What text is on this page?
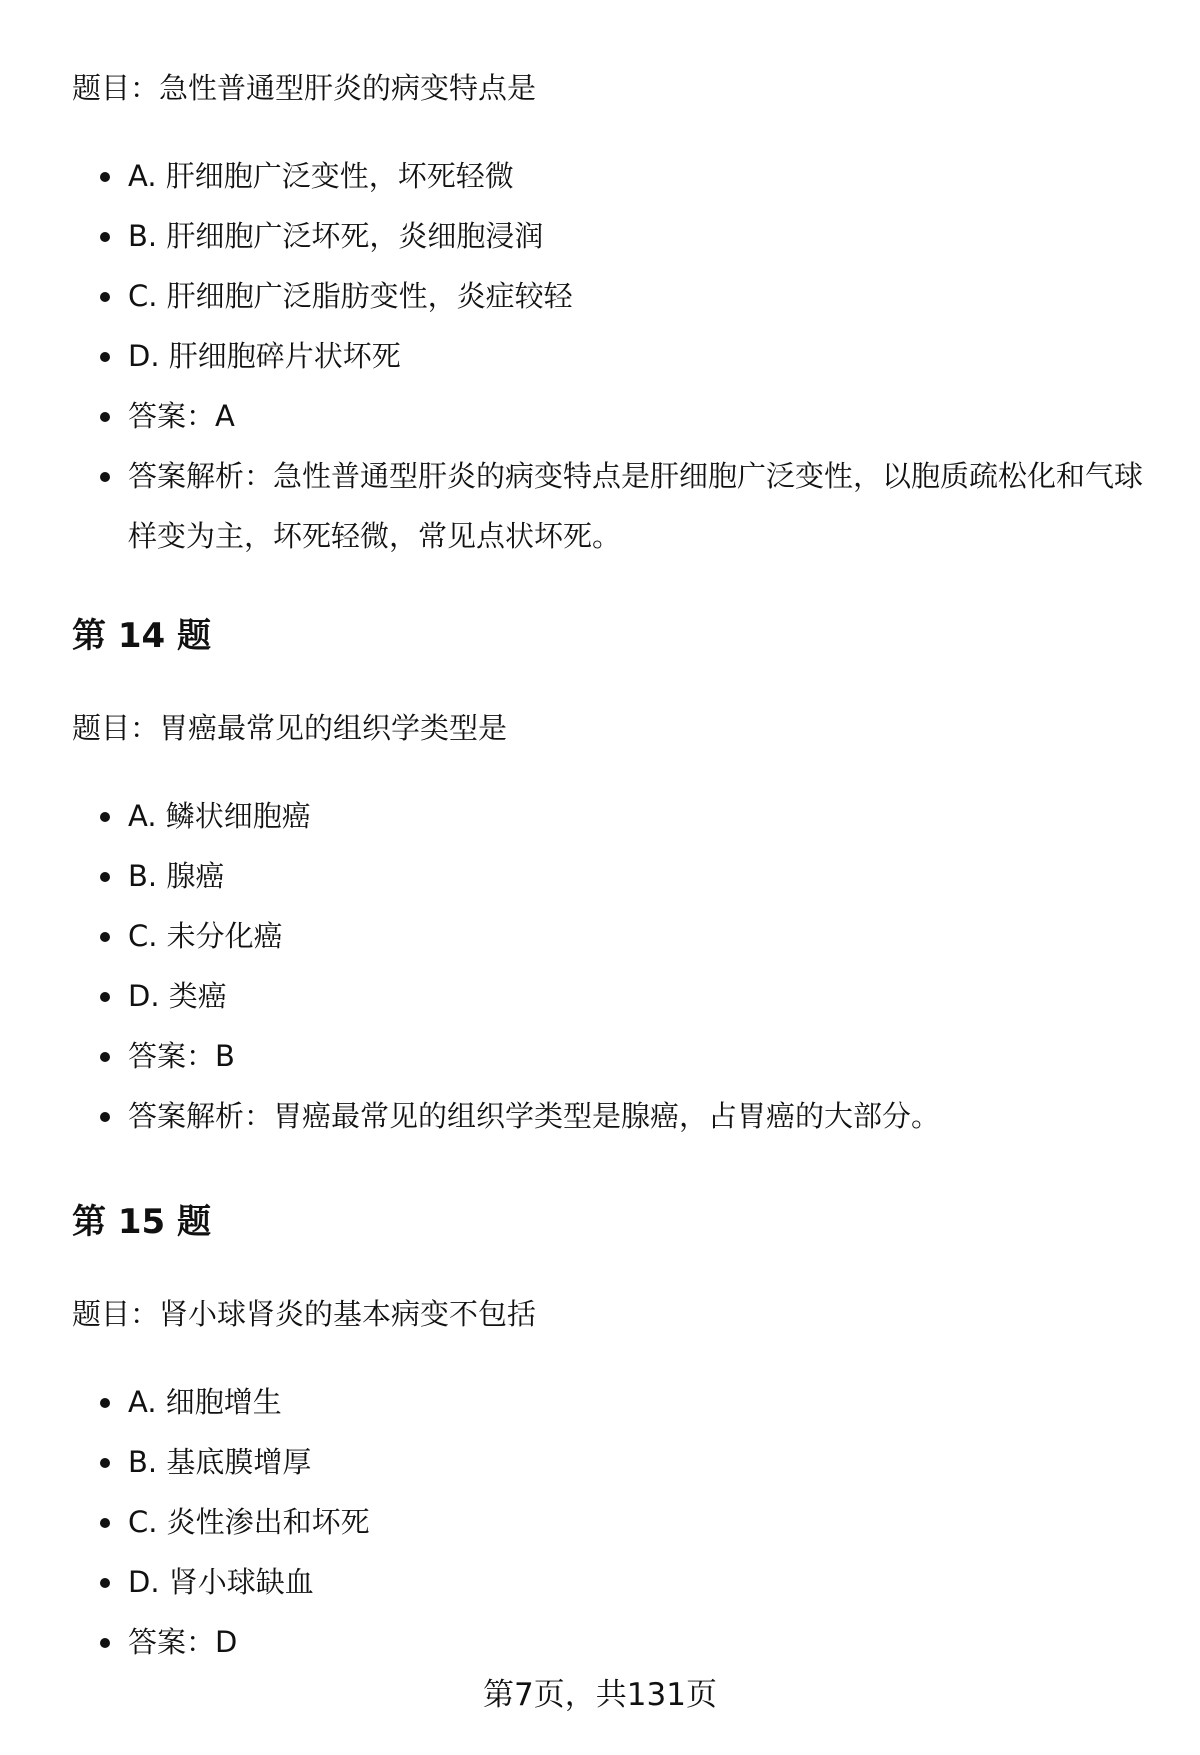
题目：急性普通型肝炎的病变特点是

A. 肝细胞广泛变性，坏死轻微
B. 肝细胞广泛坏死，炎细胞浸润
C. 肝细胞广泛脂肪变性，炎症较轻
D. 肝细胞碎片状坏死
答案：A
答案解析：急性普通型肝炎的病变特点是肝细胞广泛变性，以胞质疏松化和气球样变为主，坏死轻微，常见点状坏死。
第 14 题

题目：胃癌最常见的组织学类型是

A. 鳞状细胞癌
B. 腺癌
C. 未分化癌
D. 类癌
答案：B
答案解析：胃癌最常见的组织学类型是腺癌，占胃癌的大部分。
第 15 题

题目：肾小球肾炎的基本病变不包括

A. 细胞增生
B. 基底膜增厚
C. 炎性渗出和坏死
D. 肾小球缺血
答案：D
第7页，共131页
